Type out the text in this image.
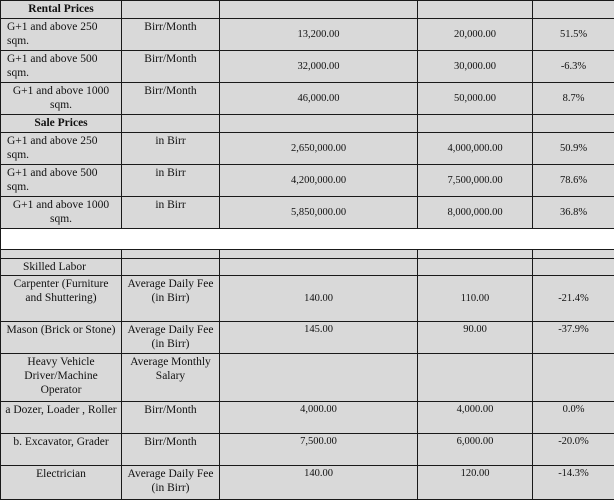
Rental Prices				
G+1 and above 250 sqm.	Birr/Month	13,200.00	20,000.00	51.5%
G+1 and above 500 sqm.	Birr/Month	32,000.00	30,000.00	-6.3%
G+1 and above 1000 sqm.	Birr/Month	46,000.00	50,000.00	8.7%
Sale Prices				
G+1 and above 250 sqm.	in Birr	2,650,000.00	4,000,000.00	50.9%
G+1 and above 500 sqm.	in Birr	4,200,000.00	7,500,000.00	78.6%
G+1 and above 1000 sqm.	in Birr	5,850,000.00	8,000,000.00	36.8%

Skilled Labor				
Carpenter (Furniture and Shuttering)	Average Daily Fee (in Birr)	140.00	110.00	-21.4%
Mason (Brick or Stone)	Average Daily Fee (in Birr)	145.00	90.00	-37.9%
Heavy Vehicle Driver/Machine Operator	Average Monthly Salary			
a Dozer, Loader , Roller	Birr/Month	4,000.00	4,000.00	0.0%
b. Excavator, Grader	Birr/Month	7,500.00	6,000.00	-20.0%
Electrician	Average Daily Fee (in Birr)	140.00	120.00	-14.3%
